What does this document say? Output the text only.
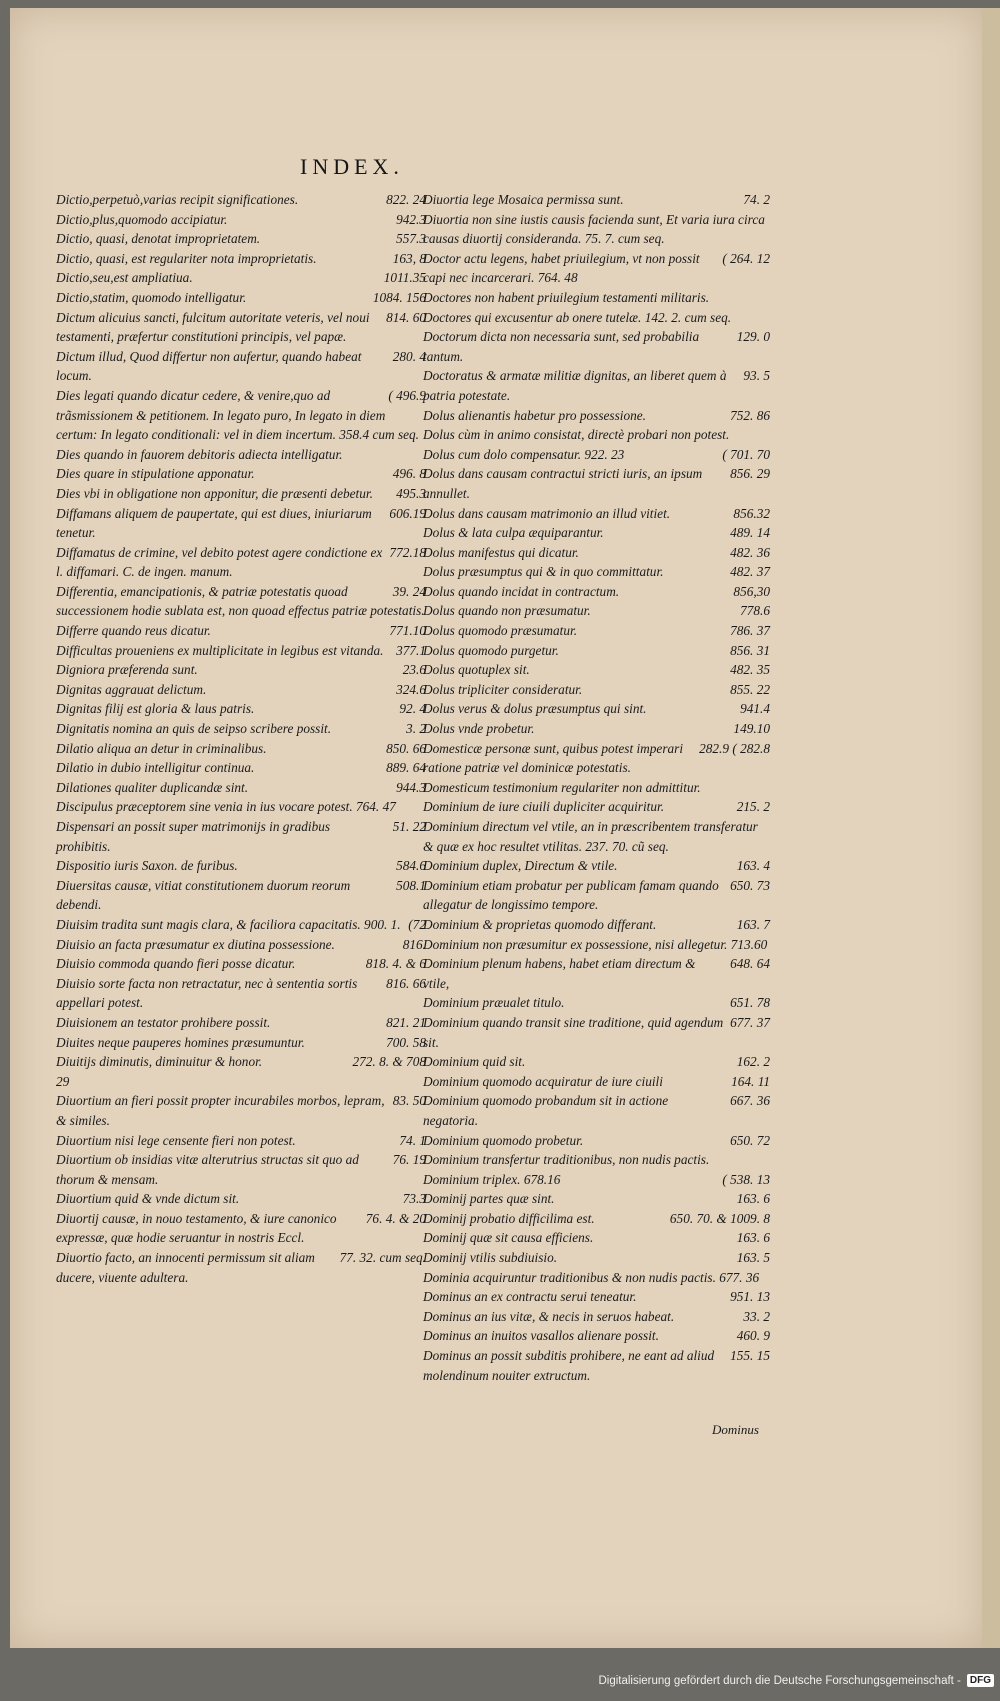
INDEX.
822. 24
Dictio,perpetuò,varias recipit significationes.
942.3
Dictio,plus,quomodo accipiatur.
557.3
Dictio, quasi, denotat improprietatem.
163, 8
Dictio, quasi, est regulariter nota improprietatis.
1011.35
Dictio,seu,est ampliatiua.
1084. 156
Dictio,statim, quomodo intelligatur.
814. 60
Dictum alicuius sancti, fulcitum autoritate veteris, vel noui testamenti, præfertur constitutioni principis, vel papæ.
280. 4
Dictum illud, Quod differtur non aufertur, quando habeat locum.
( 496.9
Dies legati quando dicatur cedere, & venire,quo ad trãsmissionem & petitionem. In legato puro, In legato in diem certum: In legato conditionali: vel in diem incertum. 358.4 cum seq.
Dies quando in fauorem debitoris adiecta intelligatur.
496. 8
Dies quare in stipulatione apponatur.
495.3
Dies vbi in obligatione non apponitur, die præsenti debetur.
606.19
Diffamans aliquem de paupertate, qui est diues, iniuriarum tenetur.
772.18
Diffamatus de crimine, vel debito potest agere condictione ex l. diffamari. C. de ingen. manum.
39. 24
Differentia, emancipationis, & patriæ potestatis quoad successionem hodie sublata est, non quoad effectus patriæ potestatis.
771.10
Differre quando reus dicatur.
377.1
Difficultas proueniens ex multiplicitate in legibus est vitanda.
23.6
Digniora præferenda sunt.
324.6
Dignitas aggrauat delictum.
92. 4
Dignitas filij est gloria & laus patris.
3. 2
Dignitatis nomina an quis de seipso scribere possit.
850. 66
Dilatio aliqua an detur in criminalibus.
889. 64
Dilatio in dubio intelligitur continua.
944.3
Dilationes qualiter duplicandæ sint.
Discipulus præceptorem sine venia in ius vocare potest. 764. 47
51. 22
Dispensari an possit super matrimonijs in gradibus prohibitis.
584.6
Dispositio iuris Saxon. de furibus.
508.1
Diuersitas causæ, vitiat constitutionem duorum reorum debendi.
(72
Diuisim tradita sunt magis clara, & faciliora capacitatis. 900. 1.
816.
Diuisio an facta præsumatur ex diutina possessione.
818. 4. & 6
Diuisio commoda quando fieri posse dicatur.
816. 66
Diuisio sorte facta non retractatur, nec à sententia sortis appellari potest.
821. 21
Diuisionem an testator prohibere possit.
700. 58
Diuites neque pauperes homines præsumuntur.
272. 8. & 708
Diuitijs diminutis, diminuitur & honor.
29
83. 50
Diuortium an fieri possit propter incurabiles morbos, lepram, & similes.
74. 1
Diuortium nisi lege censente fieri non potest.
76. 19
Diuortium ob insidias vitæ alterutrius structas sit quo ad thorum & mensam.
73.3
Diuortium quid & vnde dictum sit.
76. 4. & 20
Diuortij causæ, in nouo testamento, & iure canonico expressæ, quæ hodie seruantur in nostris Eccl.
77. 32. cum seq.
Diuortio facto, an innocenti permissum sit aliam ducere, viuente adultera.
74. 2
Diuortia lege Mosaica permissa sunt.
Diuortia non sine iustis causis facienda sunt, Et varia iura circa causas diuortij consideranda. 75. 7. cum seq.
( 264. 12
Doctor actu legens, habet priuilegium, vt non possit capi nec incarcerari. 764. 48
Doctores non habent priuilegium testamenti militaris.
Doctores qui excusentur ab onere tutelæ. 142. 2. cum seq.
129. 0
Doctorum dicta non necessaria sunt, sed probabilia tantum.
93. 5
Doctoratus & armatæ militiæ dignitas, an liberet quem à patria potestate.
752. 86
Dolus alienantis habetur pro possessione.
Dolus cùm in animo consistat, directè probari non potest.
( 701. 70
Dolus cum dolo compensatur. 922. 23
856. 29
Dolus dans causam contractui stricti iuris, an ipsum annullet.
856.32
Dolus dans causam matrimonio an illud vitiet.
489. 14
Dolus & lata culpa æquiparantur.
482. 36
Dolus manifestus qui dicatur.
482. 37
Dolus præsumptus qui & in quo committatur.
856,30
Dolus quando incidat in contractum.
778.6
Dolus quando non præsumatur.
786. 37
Dolus quomodo præsumatur.
856. 31
Dolus quomodo purgetur.
482. 35
Dolus quotuplex sit.
855. 22
Dolus tripliciter consideratur.
941.4
Dolus verus & dolus præsumptus qui sint.
149.10
Dolus vnde probetur.
282.9 ( 282.8
Domesticæ personæ sunt, quibus potest imperari ratione patriæ vel dominicæ potestatis.
Domesticum testimonium regulariter non admittitur.
215. 2
Dominium de iure ciuili dupliciter acquiritur.
Dominium directum vel vtile, an in præscribentem transferatur & quæ ex hoc resultet vtilitas. 237. 70. cũ seq.
163. 4
Dominium duplex, Directum & vtile.
650. 73
Dominium etiam probatur per publicam famam quando allegatur de longissimo tempore.
163. 7
Dominium & proprietas quomodo differant.
Dominium non præsumitur ex possessione, nisi allegetur. 713.60
648. 64
Dominium plenum habens, habet etiam directum & vtile,
651. 78
Dominium præualet titulo.
677. 37
Dominium quando transit sine traditione, quid agendum sit.
162. 2
Dominium quid sit.
164. 11
Dominium quomodo acquiratur de iure ciuili
667. 36
Dominium quomodo probandum sit in actione negatoria.
650. 72
Dominium quomodo probetur.
Dominium transfertur traditionibus, non nudis pactis.
( 538. 13
Dominium triplex. 678.16
163. 6
Dominij partes quæ sint.
650. 70. & 1009. 8
Dominij probatio difficilima est.
163. 6
Dominij quæ sit causa efficiens.
163. 5
Dominij vtilis subdiuisio.
Dominia acquiruntur traditionibus & non nudis pactis. 677. 36
951. 13
Dominus an ex contractu serui teneatur.
33. 2
Dominus an ius vitæ, & necis in seruos habeat.
460. 9
Dominus an inuitos vasallos alienare possit.
155. 15
Dominus an possit subditis prohibere, ne eant ad aliud molendinum nouiter extructum.
Dominus
Digitalisierung gefördert durch die Deutsche Forschungsgemeinschaft - DFG
